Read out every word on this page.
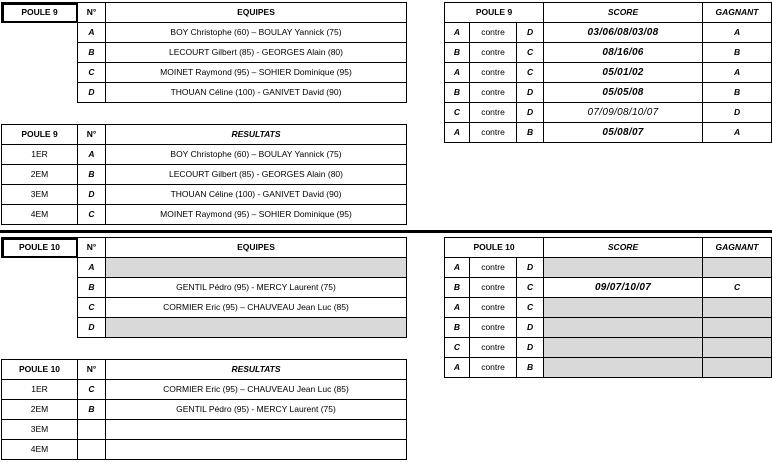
POULE 9	N°	EQUIPES
	A	BOY Christophe (60) – BOULAY Yannick (75)
	B	LECOURT Gilbert (85) - GEORGES Alain (80)
	C	MOINET Raymond (95) – SOHIER Dominique (95)
	D	THOUAN Céline (100) - GANIVET David (90)
POULE 9	N°	RESULTATS
1ER	A	BOY Christophe (60) – BOULAY Yannick (75)
2EM	B	LECOURT Gilbert (85) - GEORGES Alain (80)
3EM	D	THOUAN Céline (100) - GANIVET David (90)
4EM	C	MOINET Raymond (95) – SOHIER Dominique (95)
POULE 9			SCORE	GAGNANT
A	contre	D	03/06/08/03/08	A
B	contre	C	08/16/06	B
A	contre	C	05/01/02	A
B	contre	D	05/05/08	B
C	contre	D	07/09/08/10/07	D
A	contre	B	05/08/07	A
POULE 10	N°	EQUIPES
	A	
	B	GENTIL Pédro (95) - MERCY Laurent (75)
	C	CORMIER Eric (95) – CHAUVEAU Jean Luc (85)
	D	
POULE 10	N°	RESULTATS
1ER	C	CORMIER Eric (95) – CHAUVEAU Jean Luc (85)
2EM	B	GENTIL Pédro (95) - MERCY Laurent (75)
3EM		
4EM		
POULE 10			SCORE	GAGNANT
A	contre	D		
B	contre	C	09/07/10/07	C
A	contre	C		
B	contre	D		
C	contre	D		
A	contre	B		
